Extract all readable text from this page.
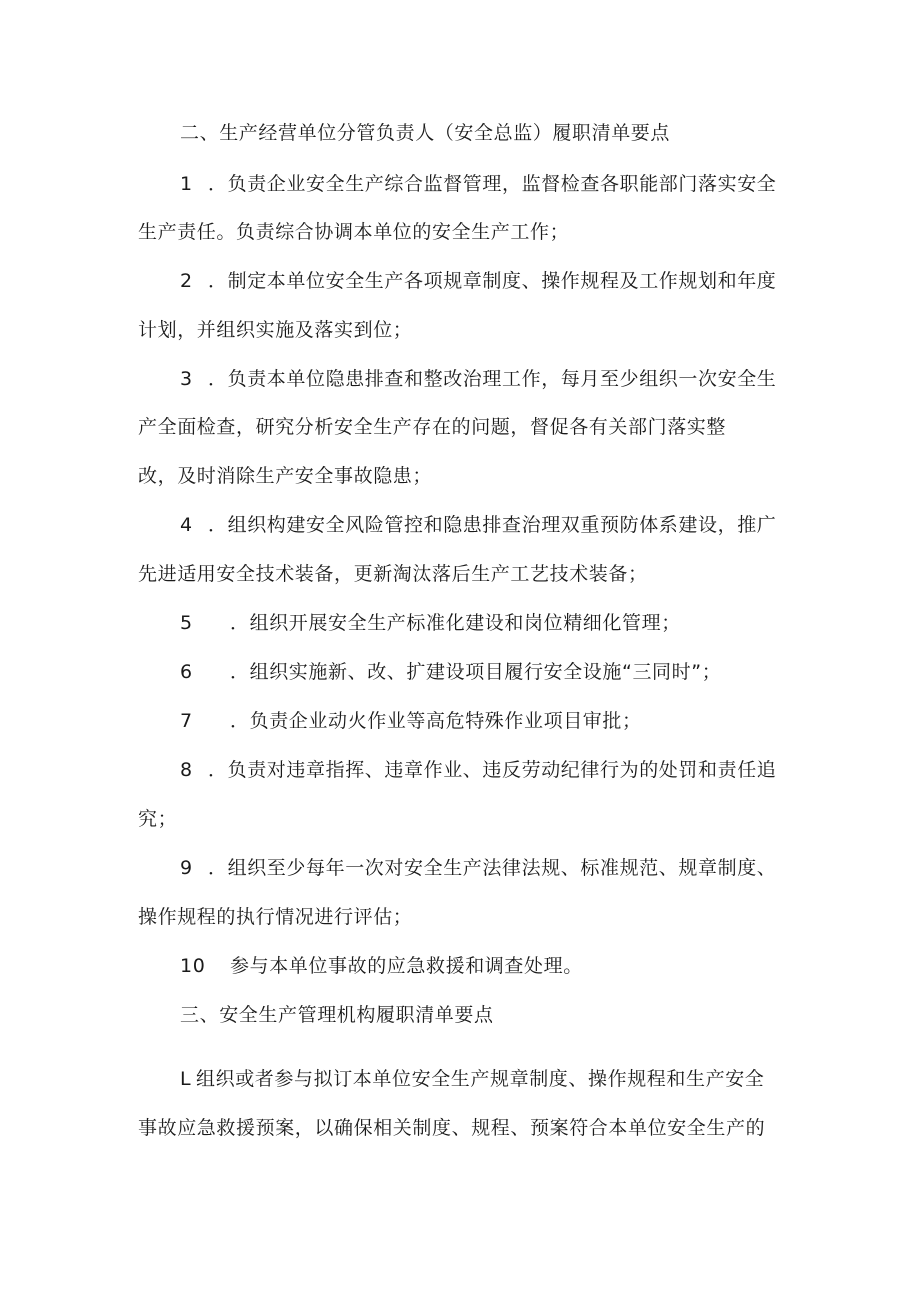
二、生产经营单位分管负责人（安全总监）履职清单要点
1 ．负责企业安全生产综合监督管理，监督检查各职能部门落实安全
生产责任。负责综合协调本单位的安全生产工作；
2 ．制定本单位安全生产各项规章制度、操作规程及工作规划和年度
计划，并组织实施及落实到位；
3 ．负责本单位隐患排查和整改治理工作，每月至少组织一次安全生
产全面检查，研究分析安全生产存在的问题，督促各有关部门落实整
改，及时消除生产安全事故隐患；
4 ．组织构建安全风险管控和隐患排查治理双重预防体系建设，推广
先进适用安全技术装备，更新淘汰落后生产工艺技术装备；
5 ．组织开展安全生产标准化建设和岗位精细化管理；
6 ．组织实施新、改、扩建设项目履行安全设施“三同时”；
7 ．负责企业动火作业等高危特殊作业项目审批；
8 ．负责对违章指挥、违章作业、违反劳动纪律行为的处罚和责任追
究；
9 ．组织至少每年一次对安全生产法律法规、标准规范、规章制度、
操作规程的执行情况进行评估；
10 参与本单位事故的应急救援和调查处理。
三、安全生产管理机构履职清单要点
L 组织或者参与拟订本单位安全生产规章制度、操作规程和生产安全
事故应急救援预案，以确保相关制度、规程、预案符合本单位安全生产的
